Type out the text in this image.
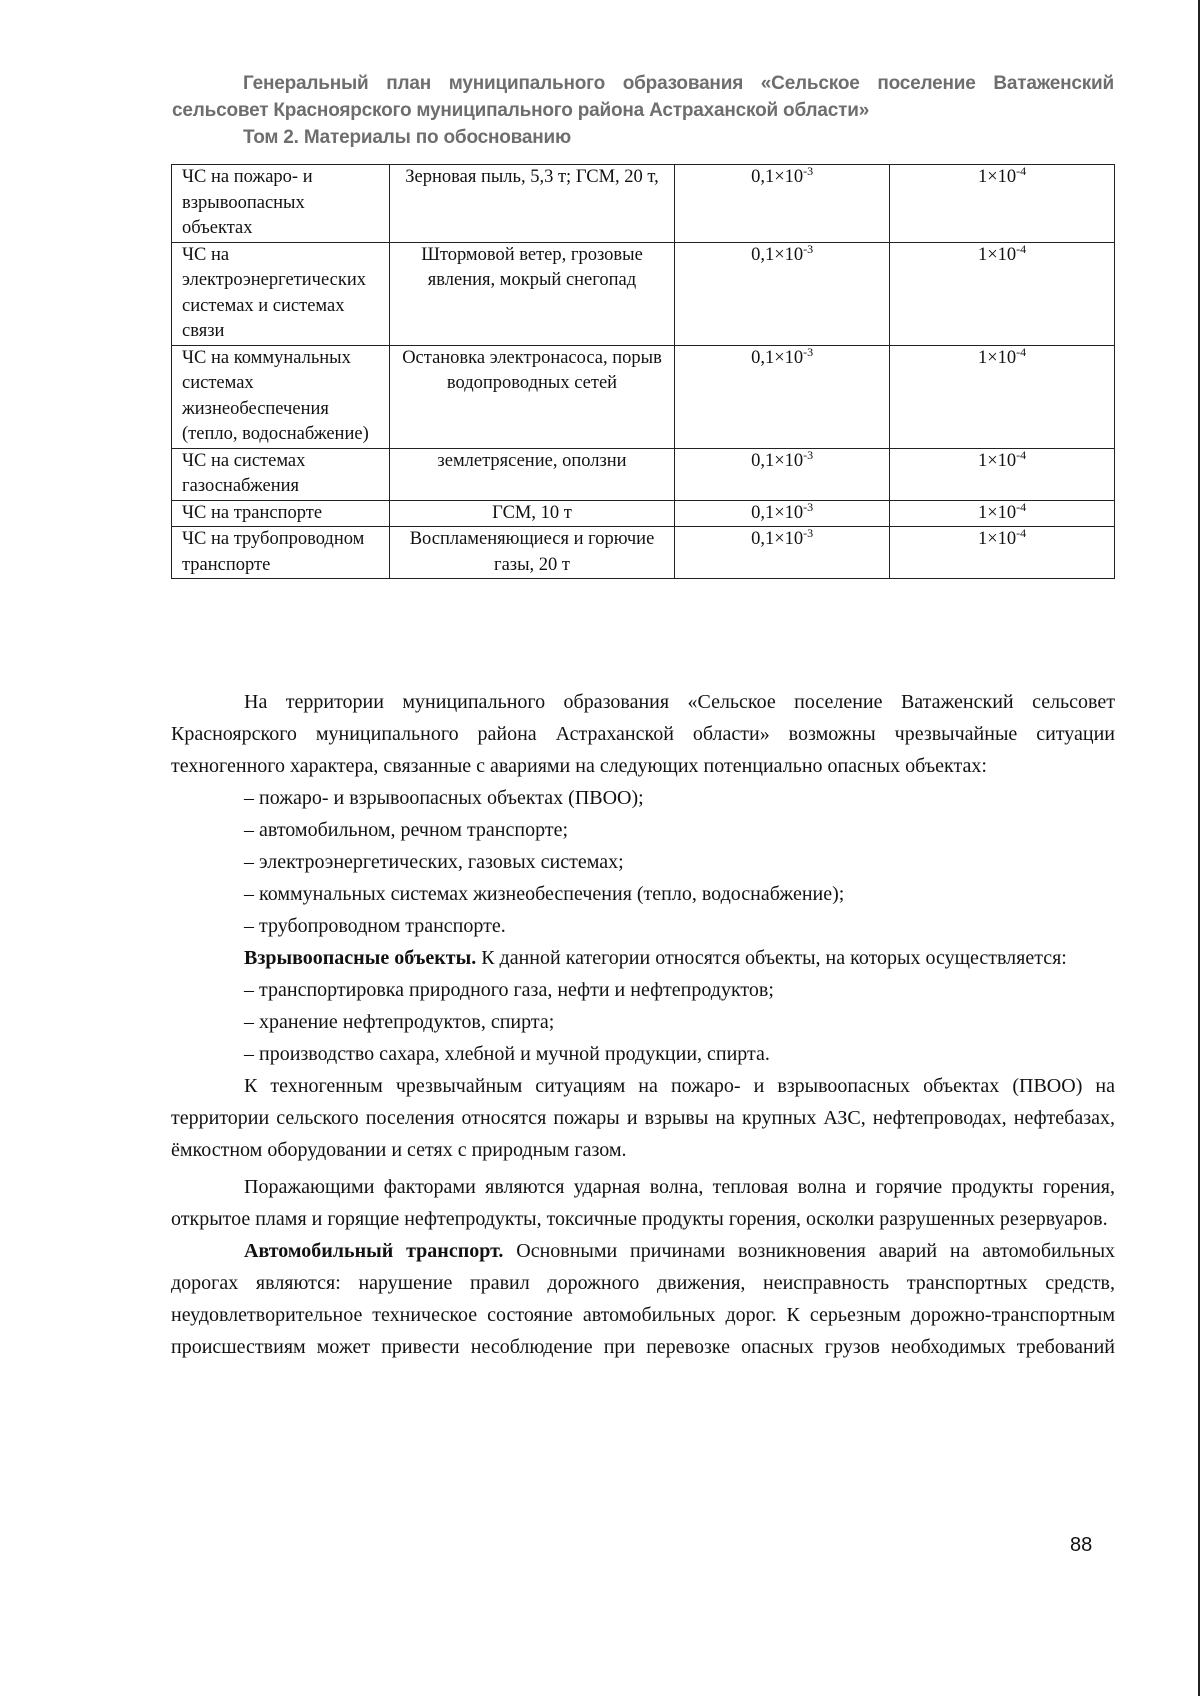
Генеральный план муниципального образования «Сельское поселение Ватаженский
сельсовет Красноярского муниципального района Астраханской области»
Том 2. Материалы по обоснованию
ЧС на пожаро- и взрывоопасных объектах	Зерновая пыль, 5,3 т; ГСМ, 20 т,	$0,1\times 10^{-3}$	$1\times 10^{-4}$
ЧС на электроэнергетических системах и системах связи	Штормовой ветер, грозовые явления, мокрый снегопад	$0,1\times 10^{-3}$	$1\times 10^{-4}$
ЧС на коммунальных системах жизнеобеспечения (тепло, водоснабжение)	Остановка электронасоса, порыв водопроводных сетей	$0,1\times 10^{-3}$	$1\times 10^{-4}$
ЧС на системах газоснабжения	землетрясение, оползни	$0,1\times 10^{-3}$	$1\times 10^{-4}$
ЧС на транспорте	ГСМ, 10 т	$0,1\times 10^{-3}$	$1\times 10^{-4}$
ЧС на трубопроводном транспорте	Воспламеняющиеся и горючие газы, 20 т	$0,1\times 10^{-3}$	$1\times 10^{-4}$

На территории муниципального образования «Сельское поселение Ватаженский сельсовет Красноярского муниципального района Астраханской области» возможны чрезвычайные ситуации техногенного характера, связанные с авариями на следующих потенциально опасных объектах:

– пожаро- и взрывоопасных объектах (ПВОО);

– автомобильном, речном транспорте;

– электроэнергетических, газовых системах;

– коммунальных системах жизнеобеспечения (тепло, водоснабжение);

– трубопроводном транспорте.

Взрывоопасные объекты. К данной категории относятся объекты, на которых осуществляется:

– транспортировка природного газа, нефти и нефтепродуктов;

– хранение нефтепродуктов, спирта;

– производство сахара, хлебной и мучной продукции, спирта.

К техногенным чрезвычайным ситуациям на пожаро- и взрывоопасных объектах (ПВОО) на территории сельского поселения относятся пожары и взрывы на крупных АЗС, нефтепроводах, нефтебазах, ёмкостном оборудовании и сетях с природным газом.

Поражающими факторами являются ударная волна, тепловая волна и горячие продукты горения, открытое пламя и горящие нефтепродукты, токсичные продукты горения, осколки разрушенных резервуаров.

Автомобильный транспорт. Основными причинами возникновения аварий на автомобильных дорогах являются: нарушение правил дорожного движения, неисправность транспортных средств, неудовлетворительное техническое состояние автомобильных дорог. К серьезным дорожно-транспортным происшествиям может привести несоблюдение при перевозке опасных грузов необходимых требований

88
